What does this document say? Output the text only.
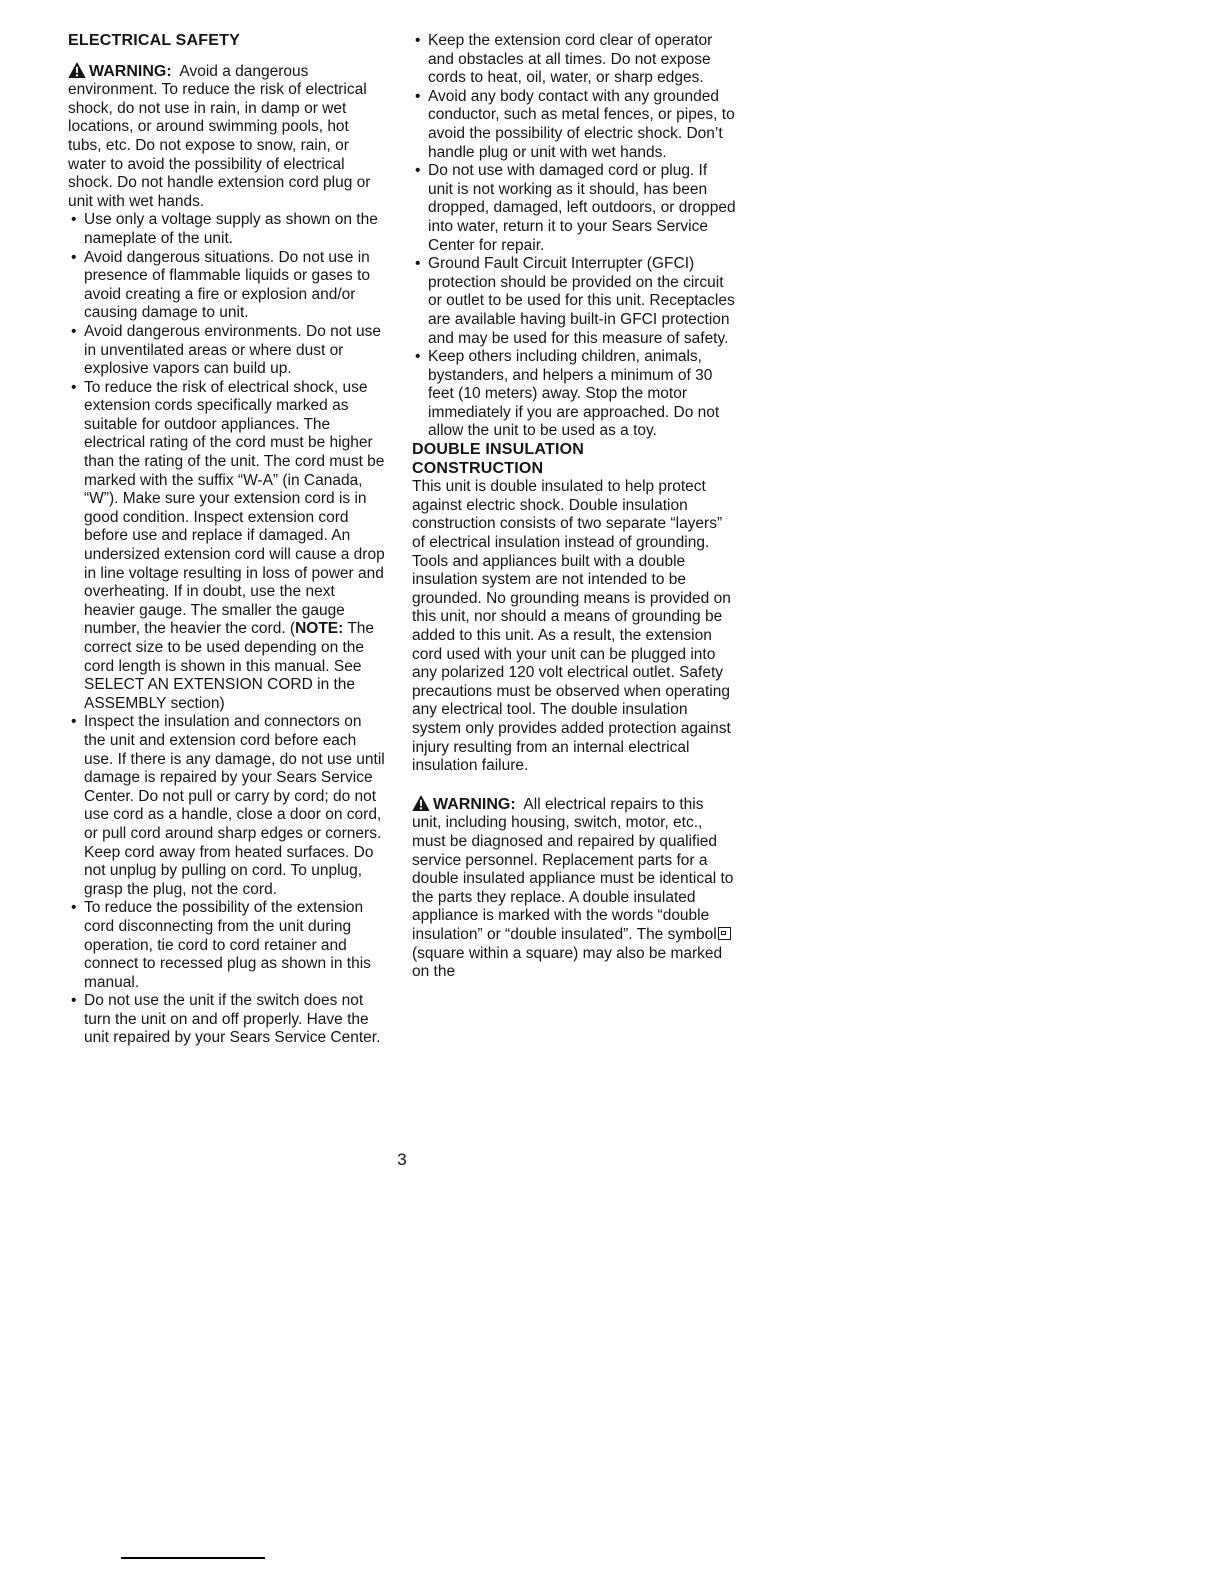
ELECTRICAL SAFETY

WARNING: Avoid a dangerous environment. To reduce the risk of electrical shock, do not use in rain, in damp or wet locations, or around swimming pools, hot tubs, etc. Do not expose to snow, rain, or water to avoid the possibility of electrical shock. Do not handle extension cord plug or unit with wet hands.

• Use only a voltage supply as shown on the nameplate of the unit.
• Avoid dangerous situations. Do not use in presence of flammable liquids or gases to avoid creating a fire or explosion and/or causing damage to unit.
• Avoid dangerous environments. Do not use in unventilated areas or where dust or explosive vapors can build up.
• To reduce the risk of electrical shock, use extension cords specifically marked as suitable for outdoor appliances. The electrical rating of the cord must be higher than the rating of the unit. The cord must be marked with the suffix “W-A” (in Canada, “W”). Make sure your extension cord is in good condition. Inspect extension cord before use and replace if damaged. An undersized extension cord will cause a drop in line voltage resulting in loss of power and overheating. If in doubt, use the next heavier gauge. The smaller the gauge number, the heavier the cord. (NOTE: The correct size to be used depending on the cord length is shown in this manual. See SELECT AN EXTENSION CORD in the ASSEMBLY section)
• Inspect the insulation and connectors on the unit and extension cord before each use. If there is any damage, do not use until damage is repaired by your Sears Service Center. Do not pull or carry by cord; do not use cord as a handle, close a door on cord, or pull cord around sharp edges or corners. Keep cord away from heated surfaces. Do not unplug by pulling on cord. To unplug, grasp the plug, not the cord.
• To reduce the possibility of the extension cord disconnecting from the unit during operation, tie cord to cord retainer and connect to recessed plug as shown in this manual.
• Do not use the unit if the switch does not turn the unit on and off properly. Have the unit repaired by your Sears Service Center.
• Keep the extension cord clear of operator and obstacles at all times. Do not expose cords to heat, oil, water, or sharp edges.
• Avoid any body contact with any grounded conductor, such as metal fences, or pipes, to avoid the possibility of electric shock. Don’t handle plug or unit with wet hands.
• Do not use with damaged cord or plug. If unit is not working as it should, has been dropped, damaged, left outdoors, or dropped into water, return it to your Sears Service Center for repair.
• Ground Fault Circuit Interrupter (GFCI) protection should be provided on the circuit or outlet to be used for this unit. Receptacles are available having built-in GFCI protection and may be used for this measure of safety.
• Keep others including children, animals, bystanders, and helpers a minimum of 30 feet (10 meters) away. Stop the motor immediately if you are approached. Do not allow the unit to be used as a toy.
DOUBLE INSULATION CONSTRUCTION

This unit is double insulated to help protect against electric shock. Double insulation construction consists of two separate “layers” of electrical insulation instead of grounding. Tools and appliances built with a double insulation system are not intended to be grounded. No grounding means is provided on this unit, nor should a means of grounding be added to this unit. As a result, the extension cord used with your unit can be plugged into any polarized 120 volt electrical outlet. Safety precautions must be observed when operating any electrical tool. The double insulation system only provides added protection against injury resulting from an internal electrical insulation failure.

WARNING: All electrical repairs to this unit, including housing, switch, motor, etc., must be diagnosed and repaired by qualified service personnel. Replacement parts for a double insulated appliance must be identical to the parts they replace. A double insulated appliance is marked with the words “double insulation” or “double insulated”. The symbol
(square within a square) may also be marked on the

3
